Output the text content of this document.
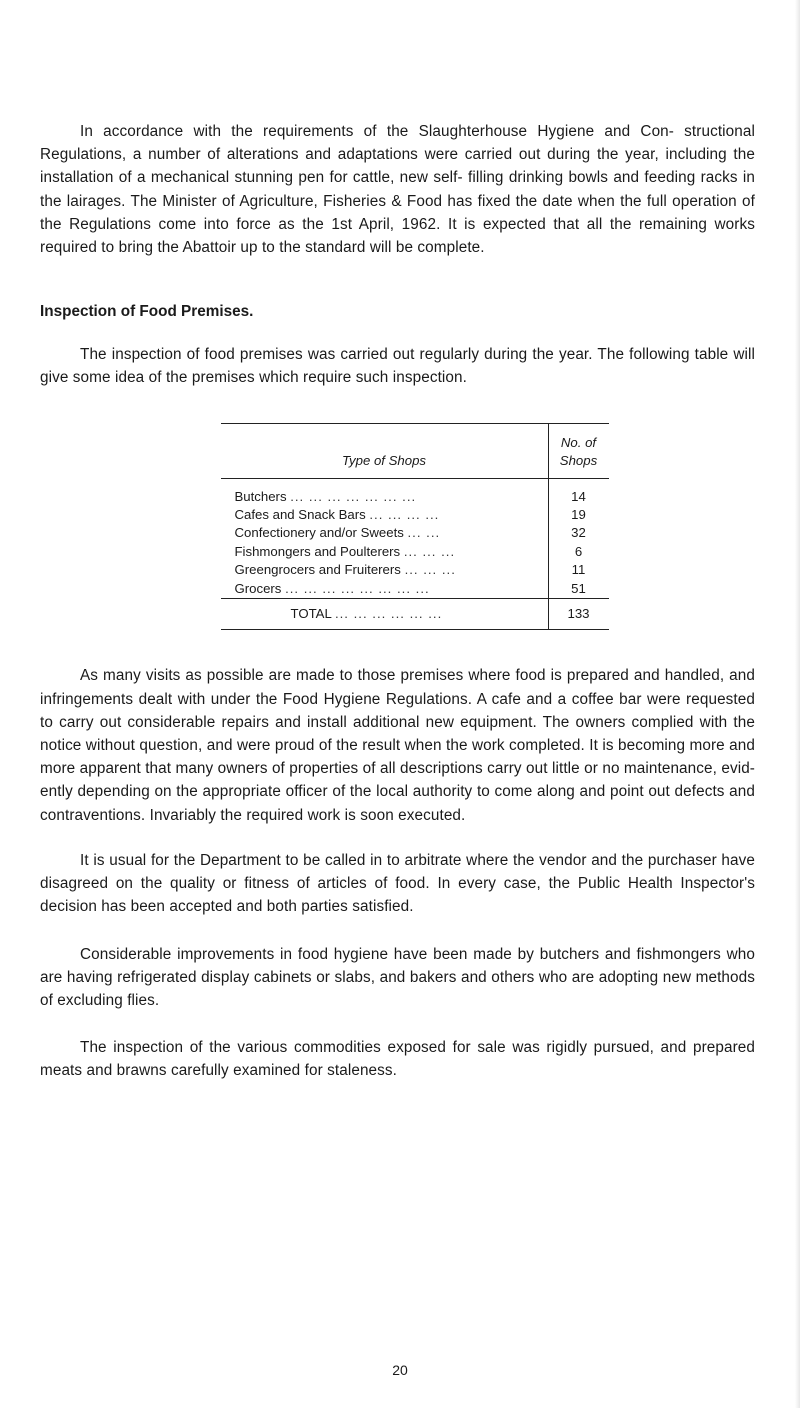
In accordance with the requirements of the Slaughterhouse Hygiene and Con- structional Regulations, a number of alterations and adaptations were carried out during the year, including the installation of a mechanical stunning pen for cattle, new self- filling drinking bowls and feeding racks in the lairages. The Minister of Agriculture, Fisheries & Food has fixed the date when the full operation of the Regulations come into force as the 1st April, 1962. It is expected that all the remaining works required to bring the Abattoir up to the standard will be complete.

Inspection of Food Premises.

The inspection of food premises was carried out regularly during the year. The following table will give some idea of the premises which require such inspection.

Type of Shops	No. of
Shops
Butchers ... ... ... ... ... ... ...	14
Cafes and Snack Bars ... ... ... ...	19
Confectionery and/or Sweets ... ...	32
Fishmongers and Poulterers ... ... ...	6
Greengrocers and Fruiterers ... ... ...	11
Grocers ... ... ... ... ... ... ... ...	51
TOTAL ... ... ... ... ... ...	133

As many visits as possible are made to those premises where food is prepared and handled, and infringements dealt with under the Food Hygiene Regulations. A cafe and a coffee bar were requested to carry out considerable repairs and install additional new equipment. The owners complied with the notice without question, and were proud of the result when the work completed. It is becoming more and more apparent that many owners of properties of all descriptions carry out little or no maintenance, evid- ently depending on the appropriate officer of the local authority to come along and point out defects and contraventions. Invariably the required work is soon executed.

It is usual for the Department to be called in to arbitrate where the vendor and the purchaser have disagreed on the quality or fitness of articles of food. In every case, the Public Health Inspector's decision has been accepted and both parties satisfied.

Considerable improvements in food hygiene have been made by butchers and fishmongers who are having refrigerated display cabinets or slabs, and bakers and others who are adopting new methods of excluding flies.

The inspection of the various commodities exposed for sale was rigidly pursued, and prepared meats and brawns carefully examined for staleness.

20
